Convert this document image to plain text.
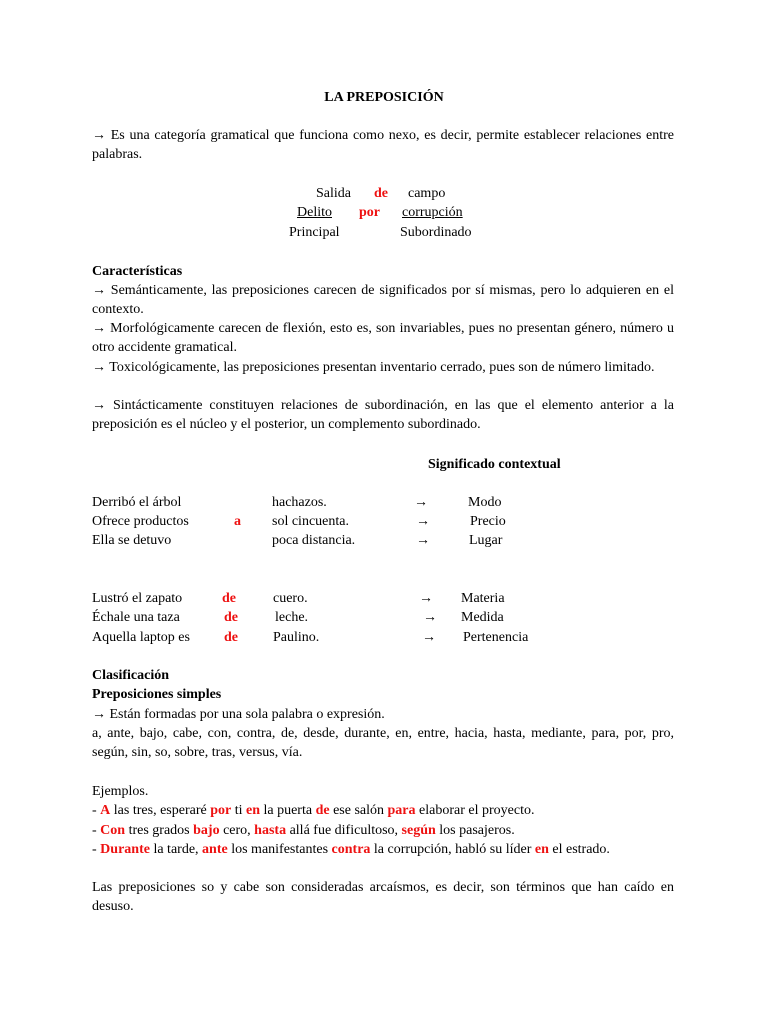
LA PREPOSICIÓN
→ Es una categoría gramatical que funciona como nexo, es decir, permite establecer relaciones entre palabras.
Salida de campo
Delito por corrupción
Principal	Subordinado
Características
→ Semánticamente, las preposiciones carecen de significados por sí mismas, pero lo adquieren en el contexto.
→ Morfológicamente carecen de flexión, esto es, son invariables, pues no presentan género, número u otro accidente gramatical.
→ Toxicológicamente, las preposiciones presentan inventario cerrado, pues son de número limitado.
→ Sintácticamente constituyen relaciones de subordinación, en las que el elemento anterior a la preposición es el núcleo y el posterior, un complemento subordinado.
Significado contextual
Derribó el árbol	hachazos.	→	Modo
Ofrece productos	a sol cincuenta.	→	Precio
Ella se detuvo	poca distancia.	→	Lugar
Lustró el zapato	de	cuero.	→ Materia
Échale una taza	de	leche.	→ Medida
Aquella laptop es de	Paulino.	→ Pertenencia
Clasificación
Preposiciones simples
→ Están formadas por una sola palabra o expresión.
a, ante, bajo, cabe, con, contra, de, desde, durante, en, entre, hacia, hasta, mediante, para, por, pro, según, sin, so, sobre, tras, versus, vía.
Ejemplos.
- A las tres, esperaré por ti en la puerta de ese salón para elaborar el proyecto.
- Con tres grados bajo cero, hasta allá fue dificultoso, según los pasajeros.
- Durante la tarde, ante los manifestantes contra la corrupción, habló su líder en el estrado.
Las preposiciones so y cabe son consideradas arcaísmos, es decir, son términos que han caído en desuso.
